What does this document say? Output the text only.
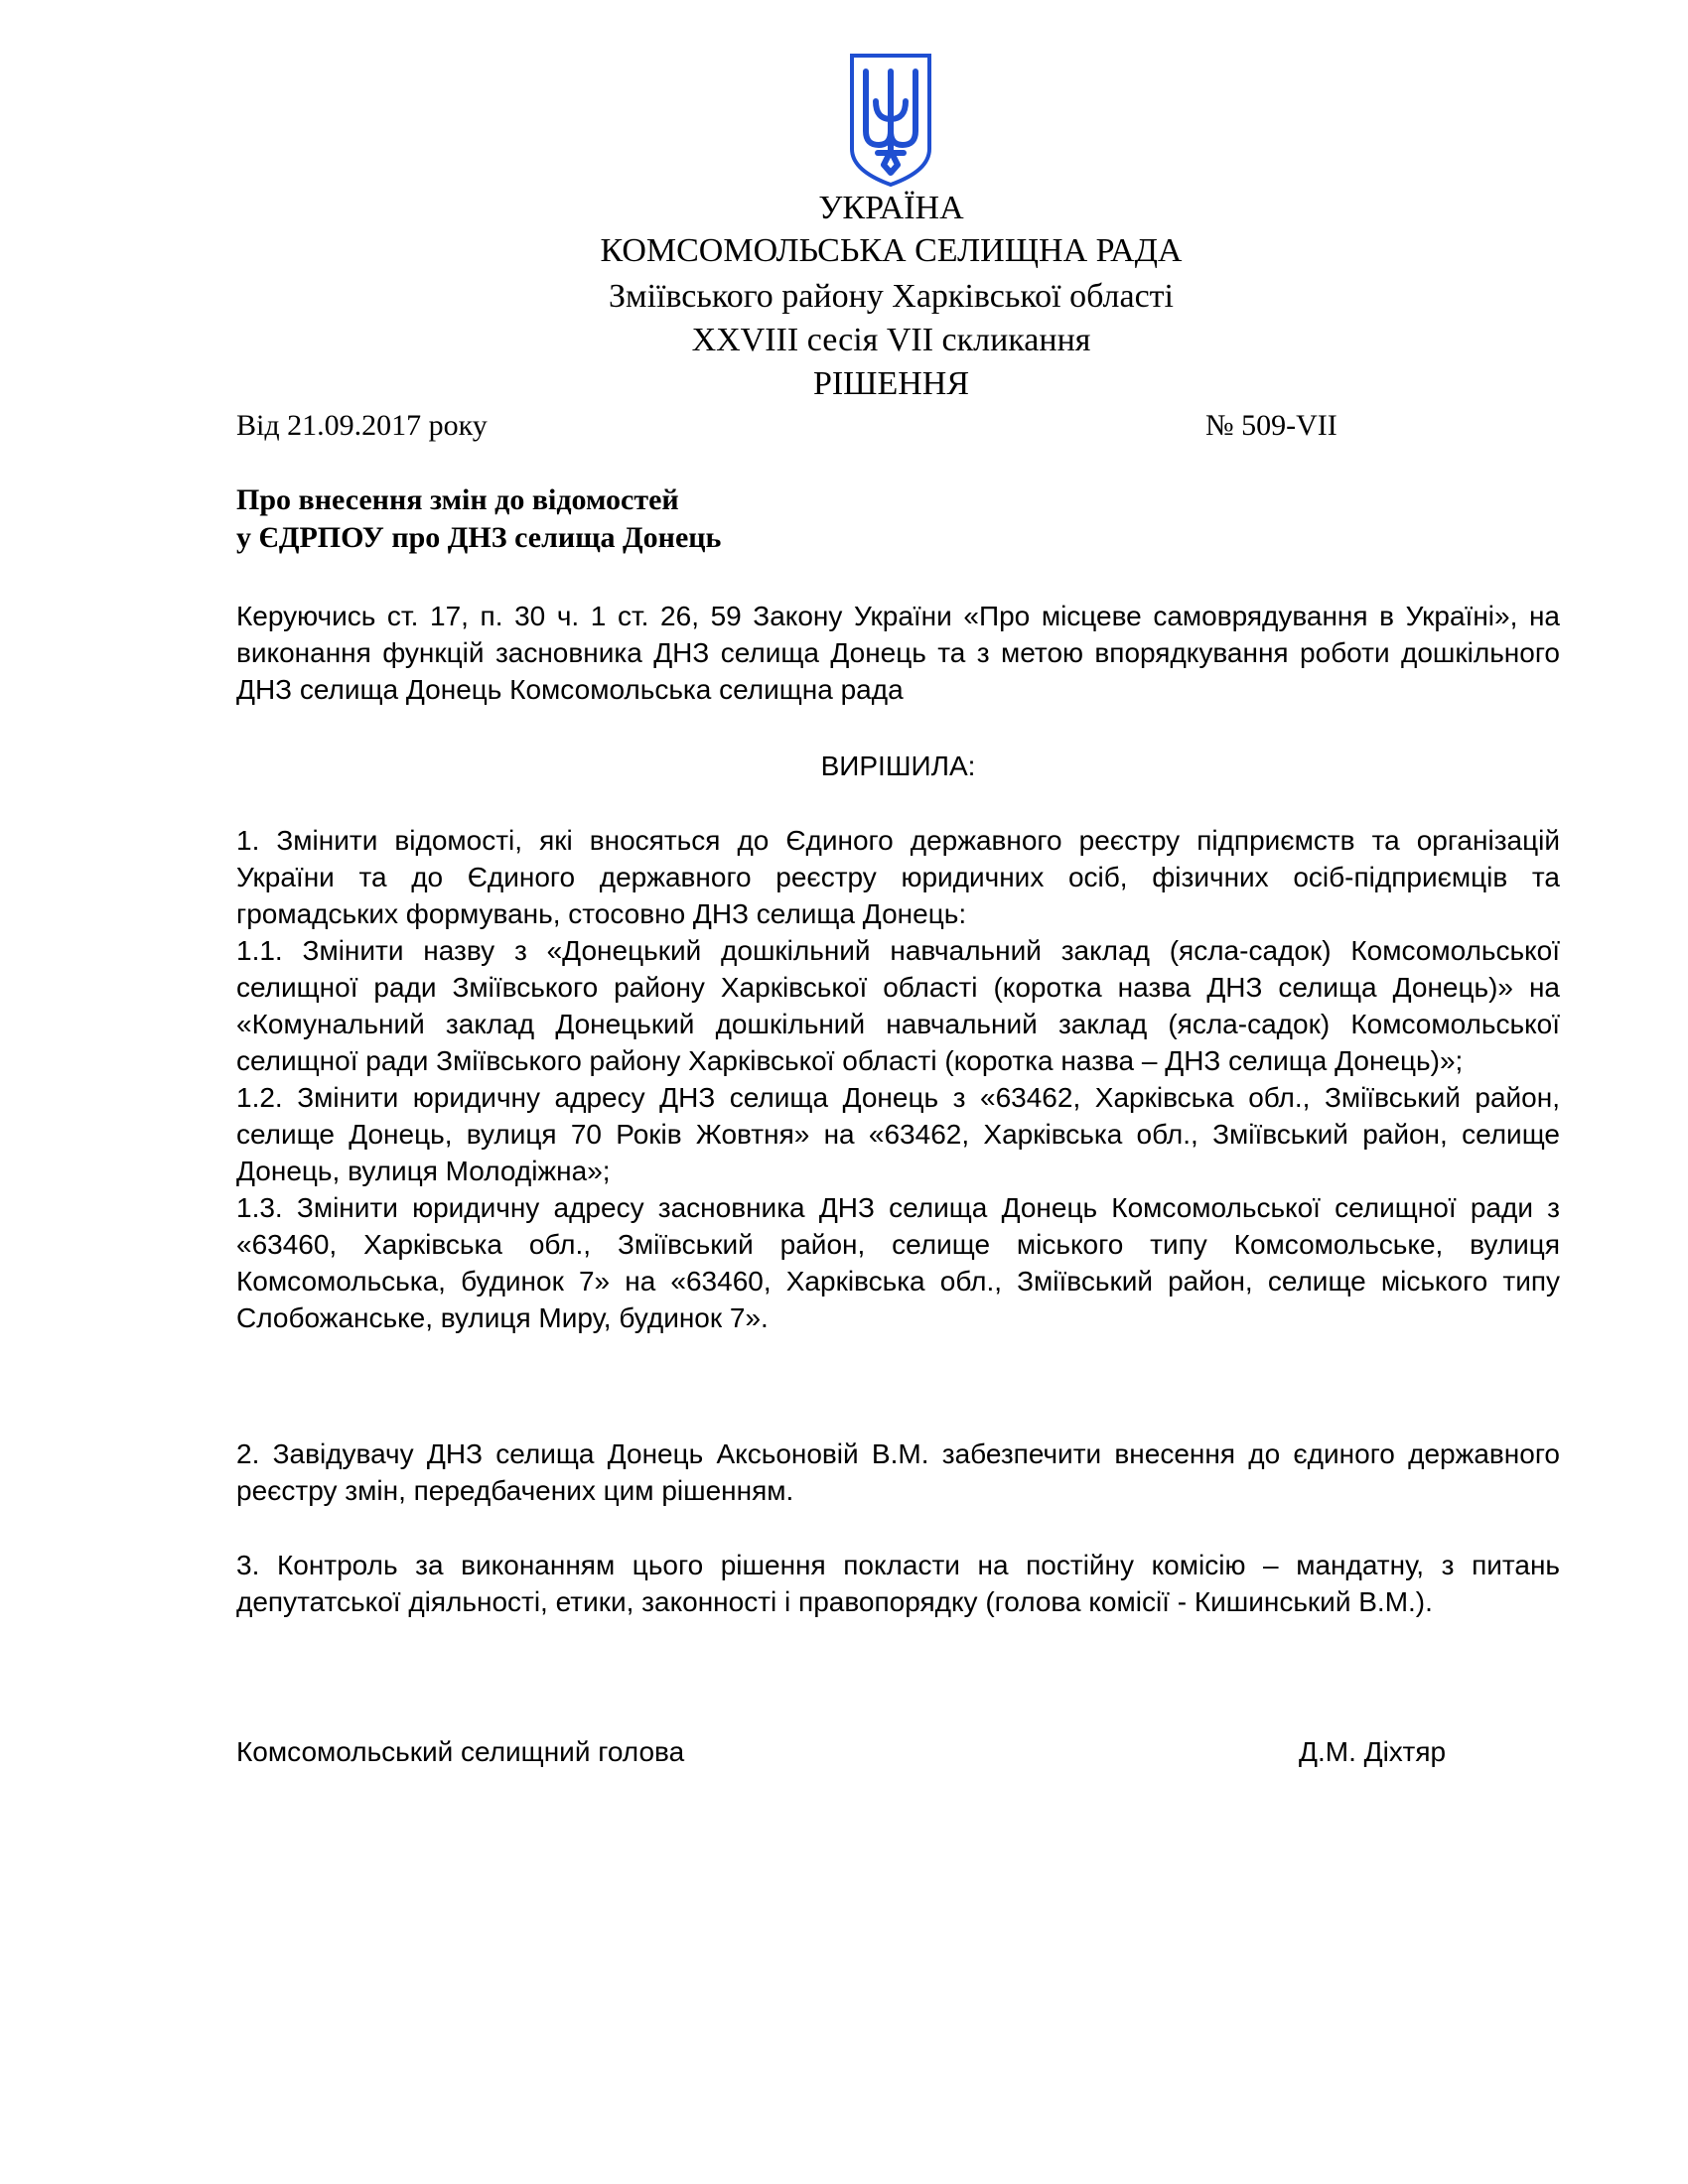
УКРАЇНА
КОМСОМОЛЬСЬКА СЕЛИЩНА РАДА
Зміївського району Харківської області
XXVIII сесія VII скликання
РІШЕННЯ
Від 21.09.2017 року	№ 509-VII
Про внесення змін до відомостей
у ЄДРПОУ про ДНЗ селища Донець

Керуючись ст. 17, п. 30 ч. 1 ст. 26, 59 Закону України «Про місцеве самоврядування в Україні», на виконання функцій засновника ДНЗ селища Донець та з метою впорядкування роботи дошкільного ДНЗ селища Донець Комсомольська селищна рада

ВИРІШИЛА:

1. Змінити відомості, які вносяться до Єдиного державного реєстру підприємств та організацій України та до Єдиного державного реєстру юридичних осіб, фізичних осіб-підприємців та громадських формувань, стосовно ДНЗ селища Донець:

1.1. Змінити назву з «Донецький дошкільний навчальний заклад (ясла-садок) Комсомольської селищної ради Зміївського району Харківської області (коротка назва ДНЗ селища Донець)» на «Комунальний заклад Донецький дошкільний навчальний заклад (ясла-садок) Комсомольської селищної ради Зміївського району Харківської області (коротка назва – ДНЗ селища Донець)»;

1.2. Змінити юридичну адресу ДНЗ селища Донець з «63462, Харківська обл., Зміївський район, селище Донець, вулиця 70 Років Жовтня» на «63462, Харківська обл., Зміївський район, селище Донець, вулиця Молодіжна»;

1.3. Змінити юридичну адресу засновника ДНЗ селища Донець Комсомольської селищної ради з «63460, Харківська обл., Зміївський район, селище міського типу Комсомольське, вулиця Комсомольська, будинок 7» на «63460, Харківська обл., Зміївський район, селище міського типу Слобожанське, вулиця Миру, будинок 7».

2. Завідувачу ДНЗ селища Донець Аксьоновій В.М. забезпечити внесення до єдиного державного реєстру змін, передбачених цим рішенням.

3. Контроль за виконанням цього рішення покласти на постійну комісію – мандатну, з питань депутатської діяльності, етики, законності і правопорядку (голова комісії - Кишинський В.М.).

Комсомольський селищний голова	Д.М. Діхтяр
